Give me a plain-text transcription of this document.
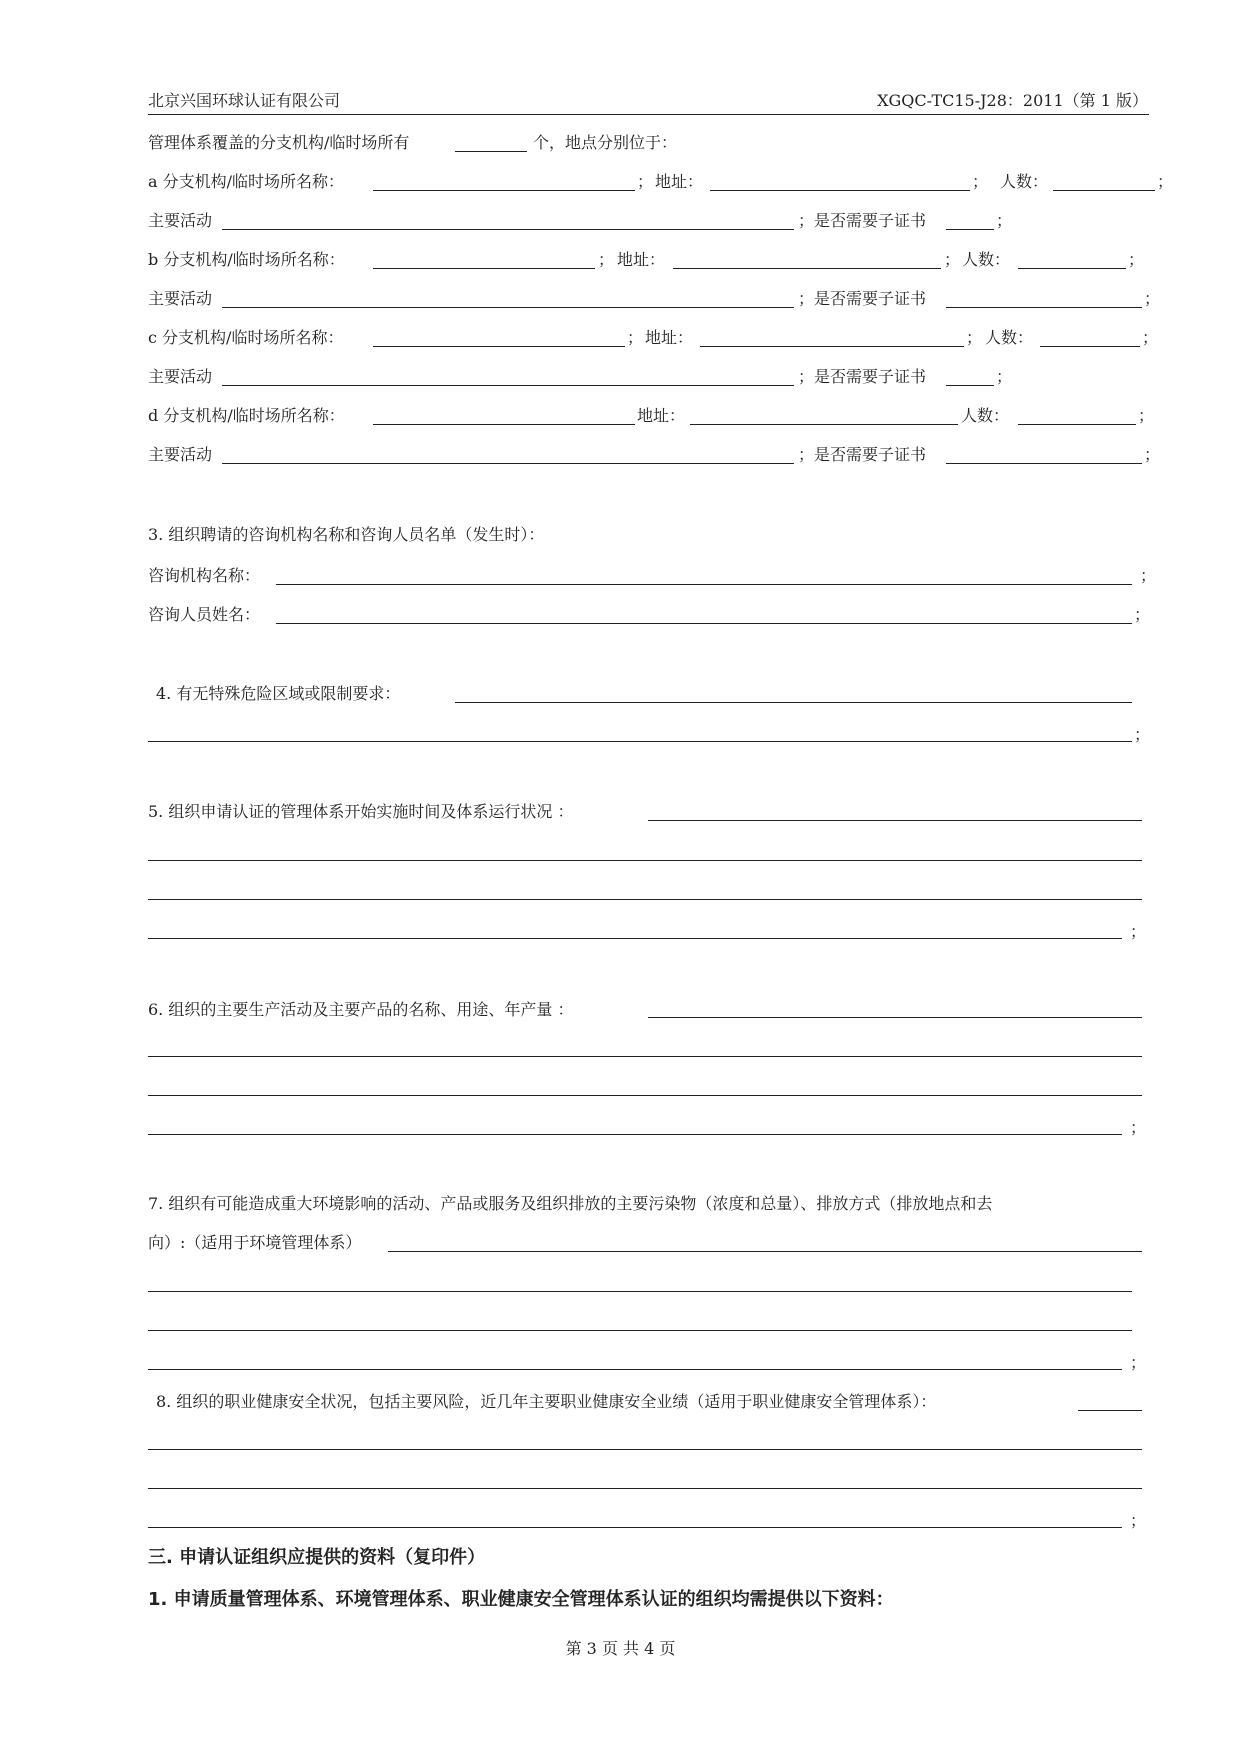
北京兴国环球认证有限公司	XGQC-TC15-J28：2011（第 1 版）
管理体系覆盖的分支机构/临时场所有	个，地点分别位于：
a 分支机构/临时场所名称：	； 地址：	； 人数：	；
主要活动	；是否需要子证书	；
b 分支机构/临时场所名称：	； 地址：	； 人数：	；
主要活动	；是否需要子证书	；
c 分支机构/临时场所名称：	； 地址：	； 人数：	；
主要活动	；是否需要子证书	；
d 分支机构/临时场所名称：	地址：	人数：	；
主要活动	；是否需要子证书	；
3. 组织聘请的咨询机构名称和咨询人员名单（发生时）：
咨询机构名称：	；
咨询人员姓名：	；
4. 有无特殊危险区域或限制要求：
；
5. 组织申请认证的管理体系开始实施时间及体系运行状况 ：
；
6. 组织的主要生产活动及主要产品的名称、用途、年产量 ：
；
7. 组织有可能造成重大环境影响的活动、产品或服务及组织排放的主要污染物（浓度和总量）、排放方式（排放地点和去
向）:（适用于环境管理体系）
；
8. 组织的职业健康安全状况，包括主要风险，近几年主要职业健康安全业绩（适用于职业健康安全管理体系）：
；
三. 申请认证组织应提供的资料（复印件）
1. 申请质量管理体系、环境管理体系、职业健康安全管理体系认证的组织均需提供以下资料：
第 3 页 共 4 页
